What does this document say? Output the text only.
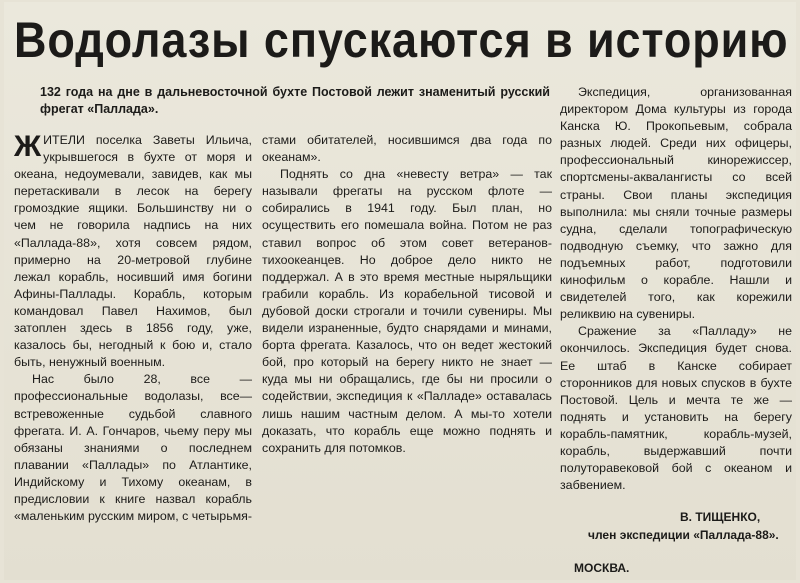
Водолазы спускаются в историю
132 года на дне в дальневосточной бухте Постовой лежит знаменитый русский фрегат «Паллада».

ЖИТЕЛИ поселка Заветы Ильича, укрывшегося в бухте от моря и океана, недоумевали, завидев, как мы перетаскивали в лесок на берегу громоздкие ящики. Большинству ни о чем не говорила надпись на них «Паллада-88», хотя совсем рядом, примерно на 20-метровой глубине лежал корабль, носивший имя богини Афины-Паллады. Корабль, которым командовал Павел Нахимов, был затоплен здесь в 1856 году, уже, казалось бы, негодный к бою и, стало быть, ненужный военным.

Нас было 28, все — профессиональные водолазы, все—встревоженные судьбой славного фрегата. И. А. Гончаров, чьему перу мы обязаны знаниями о последнем плавании «Паллады» по Атлантике, Индийскому и Тихому океанам, в предисловии к книге назвал корабль «маленьким русским миром, с четырьмя-

стами обитателей, носившимся два года по океанам».

Поднять со дна «невесту ветра» — так называли фрегаты на русском флоте — собирались в 1941 году. Был план, но осуществить его помешала война. Потом не раз ставил вопрос об этом совет ветеранов-тихоокеанцев. Но доброе дело никто не поддержал. А в это время местные ныряльщики грабили корабль. Из корабельной тисовой и дубовой доски строгали и точили сувениры. Мы видели израненные, будто снарядами и минами, борта фрегата. Казалось, что он ведет жестокий бой, про который на берегу никто не знает — куда мы ни обращались, где бы ни просили о содействии, экспедиция к «Палладе» оставалась лишь нашим частным делом. А мы-то хотели доказать, что корабль еще можно поднять и сохранить для потомков.

Экспедиция, организованная директором Дома культуры из города Канска Ю. Прокопьевым, собрала разных людей. Среди них офицеры, профессиональный кинорежиссер, спортсмены-аквалангисты со всей страны. Свои планы экспедиция выполнила: мы сняли точные размеры судна, сделали топографическую подводную съемку, что зажно для подъемных работ, подготовили кинофильм о корабле. Нашли и свидетелей того, как корежили реликвию на сувениры.

Сражение за «Палладу» не окончилось. Экспедиция будет снова. Ее штаб в Канске собирает сторонников для новых спусков в бухте Постовой. Цель и мечта те же — поднять и установить на берегу корабль-памятник, корабль-музей, корабль, выдержавший почти полуторавековой бой с океаном и забвением.

В. ТИЩЕНКО,
член экспедиции «Паллада-88».
МОСКВА.
